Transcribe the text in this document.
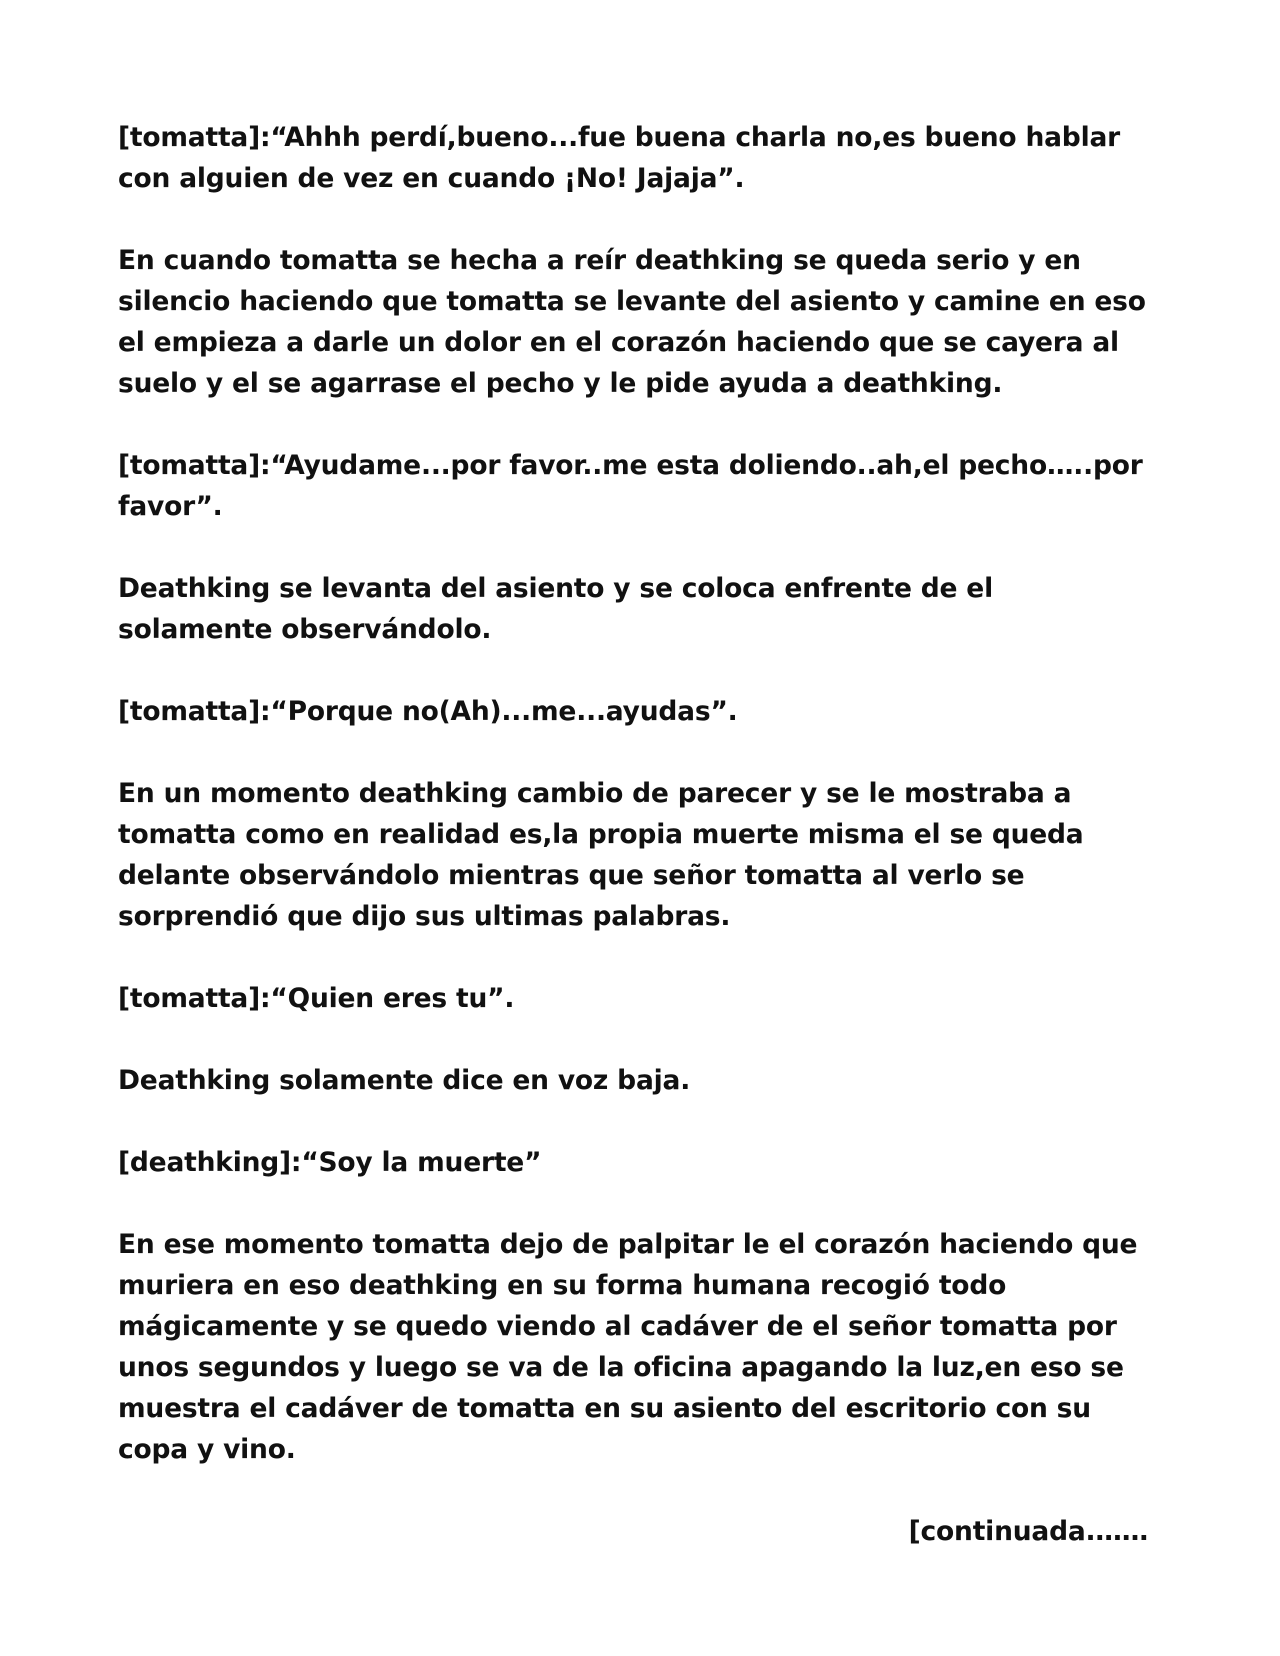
[tomatta]:“Ahhh perdí,bueno...fue buena charla no,es bueno hablar con alguien de vez en cuando ¡No! Jajaja”.

En cuando tomatta se hecha a reír deathking se queda serio y en silencio haciendo que tomatta se levante del asiento y camine en eso el empieza a darle un dolor en el corazón haciendo que se cayera al suelo y el se agarrase el pecho y le pide ayuda a deathking.

[tomatta]:“Ayudame...por favor..me esta doliendo..ah,el pecho…..por favor”.

Deathking se levanta del asiento y se coloca enfrente de el solamente observándolo.

[tomatta]:“Porque no(Ah)...me...ayudas”.

En un momento deathking cambio de parecer y se le mostraba a tomatta como en realidad es,la propia muerte misma el se queda delante observándolo mientras que señor tomatta al verlo se sorprendió que dijo sus ultimas palabras.

[tomatta]:“Quien eres tu”.

Deathking solamente dice en voz baja.

[deathking]:“Soy la muerte”

En ese momento tomatta dejo de palpitar le el corazón haciendo que muriera en eso deathking en su forma humana recogió todo mágicamente y se quedo viendo al cadáver de el señor tomatta por unos segundos y luego se va de la oficina apagando la luz,en eso se muestra el cadáver de tomatta en su asiento del escritorio con su copa y vino.

[continuada.……
